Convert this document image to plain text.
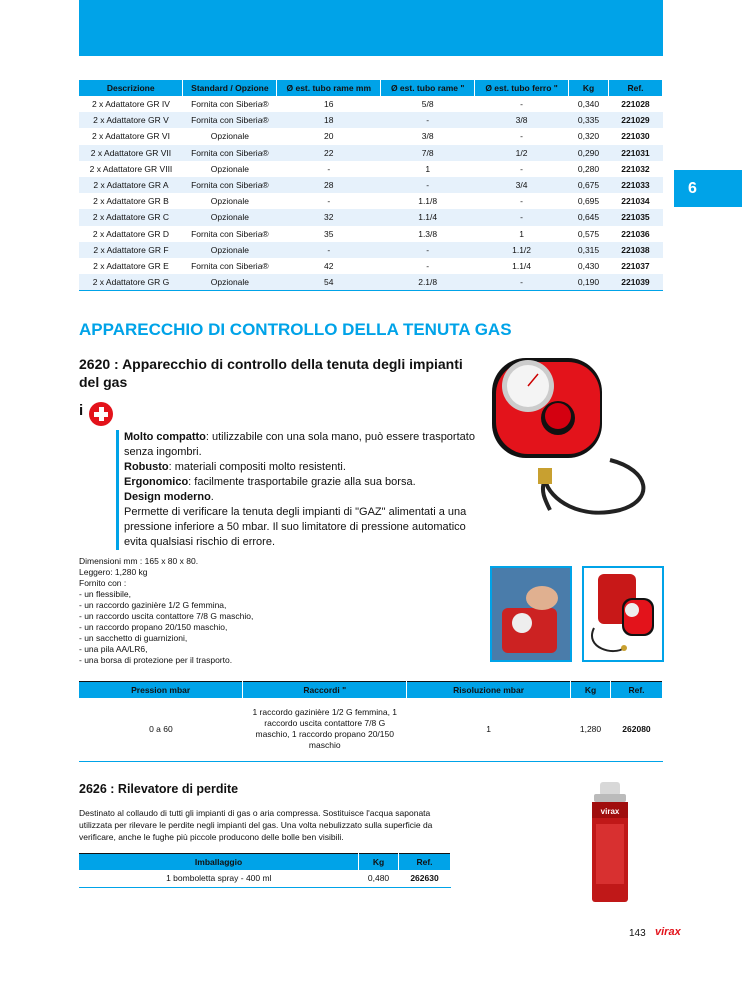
6
Descrizione	Standard / Opzione	Ø est. tubo rame mm	Ø est. tubo rame "	Ø est. tubo ferro "	Kg	Ref.
2 x Adattatore GR IV	Fornita con Siberia®	16	5/8	-	0,340	221028
2 x Adattatore GR V	Fornita con Siberia®	18	-	3/8	0,335	221029
2 x Adattatore GR VI	Opzionale	20	3/8	-	0,320	221030
2 x Adattatore GR VII	Fornita con Siberia®	22	7/8	1/2	0,290	221031
2 x Adattatore GR VIII	Opzionale	-	1	-	0,280	221032
2 x Adattatore GR A	Fornita con Siberia®	28	-	3/4	0,675	221033
2 x Adattatore GR B	Opzionale	-	1.1/8	-	0,695	221034
2 x Adattatore GR C	Opzionale	32	1.1/4	-	0,645	221035
2 x Adattatore GR D	Fornita con Siberia®	35	1.3/8	1	0,575	221036
2 x Adattatore GR F	Opzionale	-	-	1.1/2	0,315	221038
2 x Adattatore GR E	Fornita con Siberia®	42	-	1.1/4	0,430	221037
2 x Adattatore GR G	Opzionale	54	2.1/8	-	0,190	221039
APPARECCHIO DI CONTROLLO DELLA TENUTA GAS
2620 : Apparecchio di controllo della tenuta degli impianti del gas
i
Molto compatto: utilizzabile con una sola mano, può essere trasportato senza ingombri.
Robusto: materiali compositi molto resistenti.
Ergonomico: facilmente trasportabile grazie alla sua borsa.
Design moderno.
Permette di verificare la tenuta degli impianti di "GAZ" alimentati a una pressione inferiore a 50 mbar. Il suo limitatore di pressione automatico evita qualsiasi rischio di errore.
Dimensioni mm : 165 x 80 x 80.
Leggero: 1,280 kg
Fornito con :
- un flessibile,
- un raccordo gazinière 1/2 G femmina,
- un raccordo uscita contattore 7/8 G maschio,
- un raccordo propano 20/150 maschio,
- un sacchetto di guarnizioni,
- una pila AA/LR6,
- una borsa di protezione per il trasporto.
Pression mbar	Raccordi "	Risoluzione mbar	Kg	Ref.
0 a 60	1 raccordo gazinière 1/2 G femmina, 1 raccordo uscita contattore 7/8 G maschio, 1 raccordo propano 20/150 maschio	1	1,280	262080
2626 : Rilevatore di perdite
Destinato al collaudo di tutti gli impianti di gas o aria compressa. Sostituisce l'acqua saponata utilizzata per rilevare le perdite negli impianti del gas. Una volta nebulizzato sulla superficie da verificare, anche le fughe più piccole producono delle bolle ben visibili.
virax
Imballaggio	Kg	Ref.
1 bomboletta spray - 400 ml	0,480	262630
143 virax
